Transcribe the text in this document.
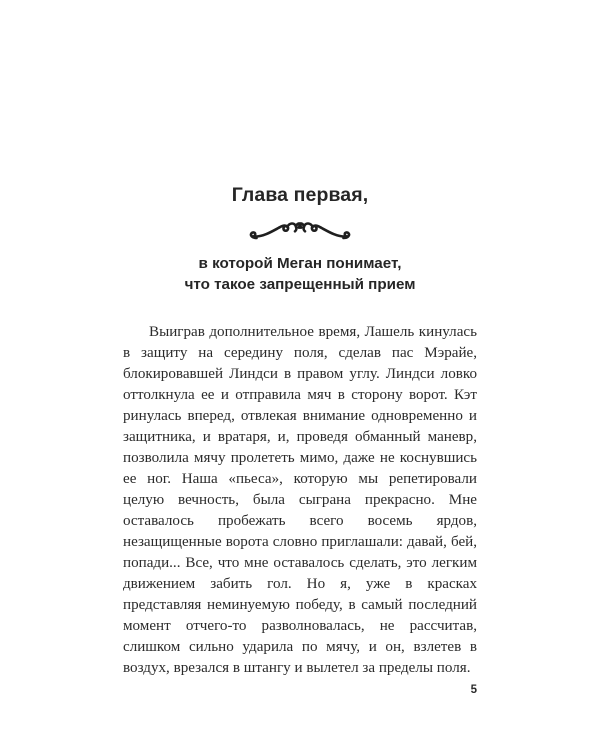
Глава первая,
в которой Меган понимает,
что такое запрещенный прием

Выиграв дополнительное время, Лашель кинулась в защиту на середину поля, сделав пас Мэрайе, блокировавшей Линдси в правом углу. Линдси ловко оттолкнула ее и отправила мяч в сторону ворот. Кэт ринулась вперед, отвлекая внимание одновременно и защитника, и вратаря, и, проведя обманный маневр, позволила мячу пролететь мимо, даже не коснувшись ее ног. Наша «пьеса», которую мы репетировали целую вечность, была сыграна прекрасно. Мне оставалось пробежать всего восемь ярдов, незащищенные ворота словно приглашали: давай, бей, попади... Все, что мне оставалось сделать, это легким движением забить гол. Но я, уже в красках представляя неминуемую победу, в самый последний момент отчего-то разволновалась, не рассчитав, слишком сильно ударила по мячу, и он, взлетев в воздух, врезался в штангу и вылетел за пределы поля.

5
